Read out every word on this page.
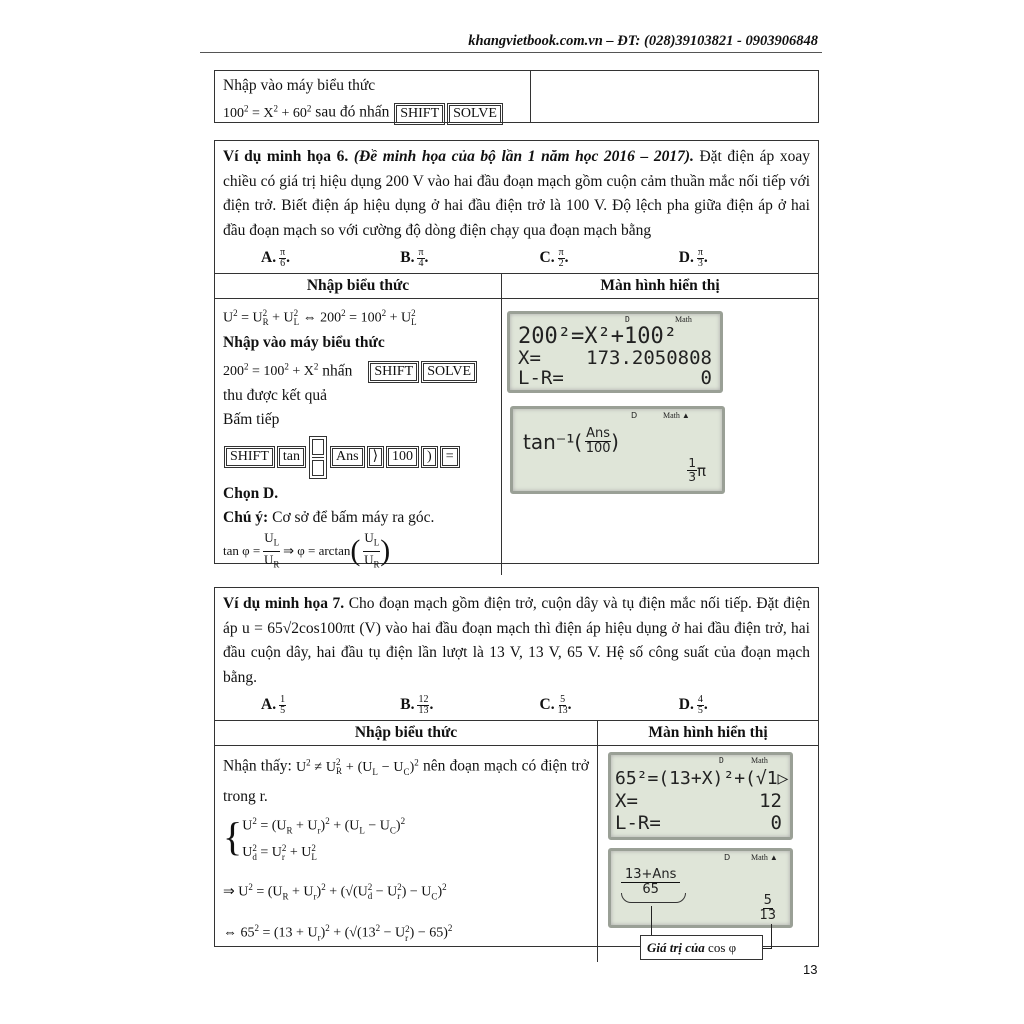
khangvietbook.com.vn – ĐT: (028)39103821 - 0903906848
Nhập vào máy biểu thức
$100^2 = X^2 + 60^2$ sau đó nhấn SHIFT SOLVE
Ví dụ minh họa 6. (Đề minh họa của bộ lần 1 năm học 2016 – 2017). Đặt điện áp xoay chiều có giá trị hiệu dụng 200 V vào hai đầu đoạn mạch gồm cuộn cảm thuần mắc nối tiếp với điện trở. Biết điện áp hiệu dụng ở hai đầu điện trở là 100 V. Độ lệch pha giữa điện áp ở hai đầu đoạn mạch so với cường độ dòng điện chạy qua đoạn mạch bằng
A. $\frac{\pi}{6}$ .	B. $\frac{\pi}{4}$ .	C. $\frac{\pi}{2}$ .	D. $\frac{\pi}{3}$ .
Nhập biểu thức	Màn hình hiển thị
$U^2 = U$ 2
R + U 2
L ⇔ $200^2 = 100^2 + U$ 2
L
Nhập vào máy biểu thức
$200^2 = 100^2 + X^2$ nhấn SHIFT SOLVE
thu được kết quả
Bấm tiếp
SHIFT tan	Ans ⟩ 100 ) =
Chọn D.
Chú ý: Cơ sở để bấm máy ra góc.
$\tan \varphi = \frac{U_L}{U_R}$ ⇒ φ = arctan ( $\frac{U_L}{U_R}$ )
D	Math
200²=X²+100²
X= 173.2050808
L-R=	0
D	Math ▲
$\tan^{-1}( \frac{\text{Ans}}{100}$ )
$\frac{1}{3}$ π
Ví dụ minh họa 7. Cho đoạn mạch gồm điện trở, cuộn dây và tụ điện mắc nối tiếp. Đặt điện áp u = 65√2cos100πt (V) vào hai đầu đoạn mạch thì điện áp hiệu dụng ở hai đầu điện trở, hai đầu cuộn dây, hai đầu tụ điện lần lượt là 13 V, 13 V, 65 V. Hệ số công suất của đoạn mạch bằng.
A. $\frac{1}{5}$	B. $\frac{12}{13}$ .	C. $\frac{5}{13}$ .	D. $\frac{4}{5}$ .
Nhập biểu thức	Màn hình hiển thị
Nhận thấy: $U^2 \ne U$ 2
$R + (U_L - U_C)^2$ nên đoạn mạch có điện trở trong r.
{ $U^2 = (U_R + U_r)^2 + (U_L - U_C)^2$
U 2
d = U 2
r + U 2
L
⇒ $U^2 = (U_R + U_r)^2 + (√(U$ 2
d − U 2
r ) − $U_C)^2$
⇔ $65^2 = (13 + U_r)^2 + (√(13^2 - U$ 2
r ) − 65)$^2$
D	Math
65²=(13+X)²+(√1▷
X=	12
L-R=	0
D	Math ▲
$\frac{\text{13+Ans}}{65}$
$\frac{5}{13}$
Giá trị của cos φ
13
